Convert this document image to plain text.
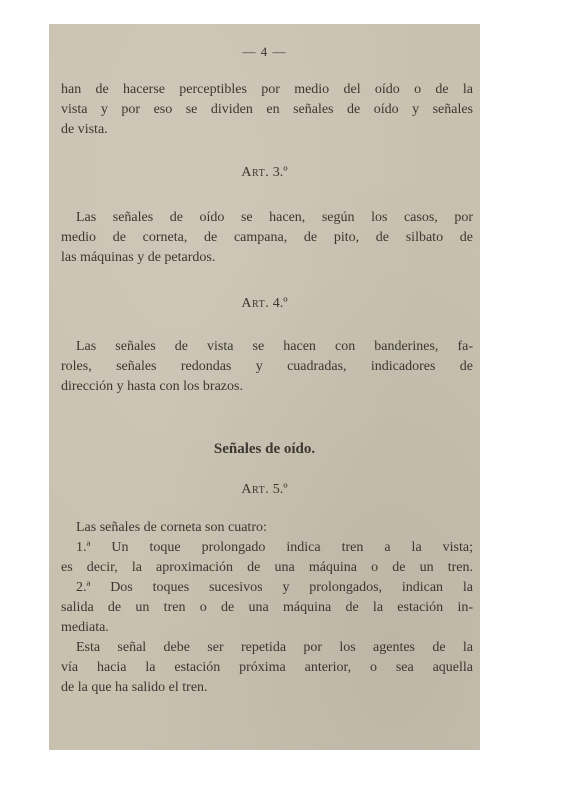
— 4 —
han de hacerse perceptibles por medio del oído o de la
vista y por eso se dividen en señales de oído y señales
de vista.
Art. 3.º
Las señales de oído se hacen, según los casos, por
medio de corneta, de campana, de pito, de silbato de
las máquinas y de petardos.
Art. 4.º
Las señales de vista se hacen con banderines, fa-
roles, señales redondas y cuadradas, indicadores de
dirección y hasta con los brazos.
Señales de oído.
Art. 5.º
Las señales de corneta son cuatro:
1.ª Un toque prolongado indica tren a la vista;
es decir, la aproximación de una máquina o de un tren.
2.ª Dos toques sucesivos y prolongados, indican la
salida de un tren o de una máquina de la estación in-
mediata.
Esta señal debe ser repetida por los agentes de la
vía hacia la estación próxima anterior, o sea aquella
de la que ha salido el tren.
